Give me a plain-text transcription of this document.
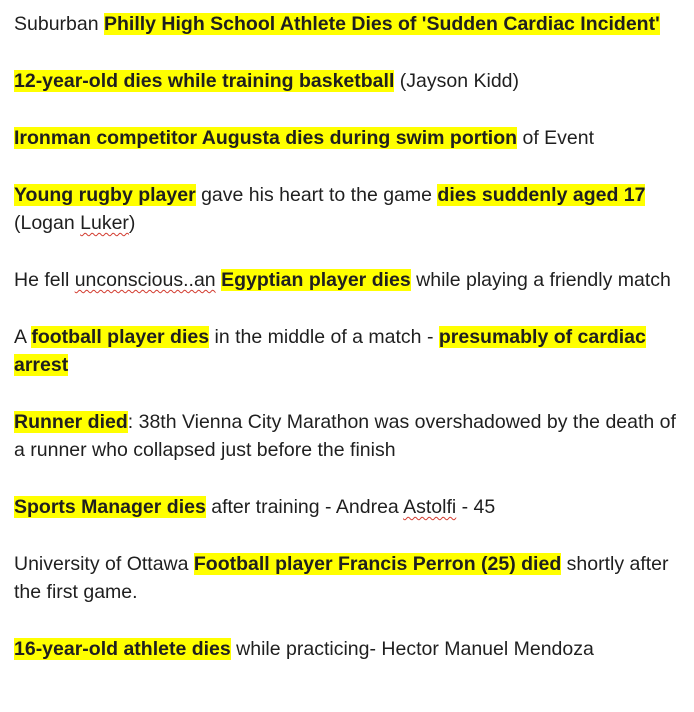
Suburban Philly High School Athlete Dies of 'Sudden Cardiac Incident'

12-year-old dies while training basketball (Jayson Kidd)

Ironman competitor Augusta dies during swim portion of Event

Young rugby player gave his heart to the game dies suddenly aged 17 (Logan Luker)

He fell unconscious..an Egyptian player dies while playing a friendly match

A football player dies in the middle of a match - presumably of cardiac arrest

Runner died: 38th Vienna City Marathon was overshadowed by the death of a runner who collapsed just before the finish

Sports Manager dies after training - Andrea Astolfi - 45

University of Ottawa Football player Francis Perron (25) died shortly after the first game.

16-year-old athlete dies while practicing- Hector Manuel Mendoza
